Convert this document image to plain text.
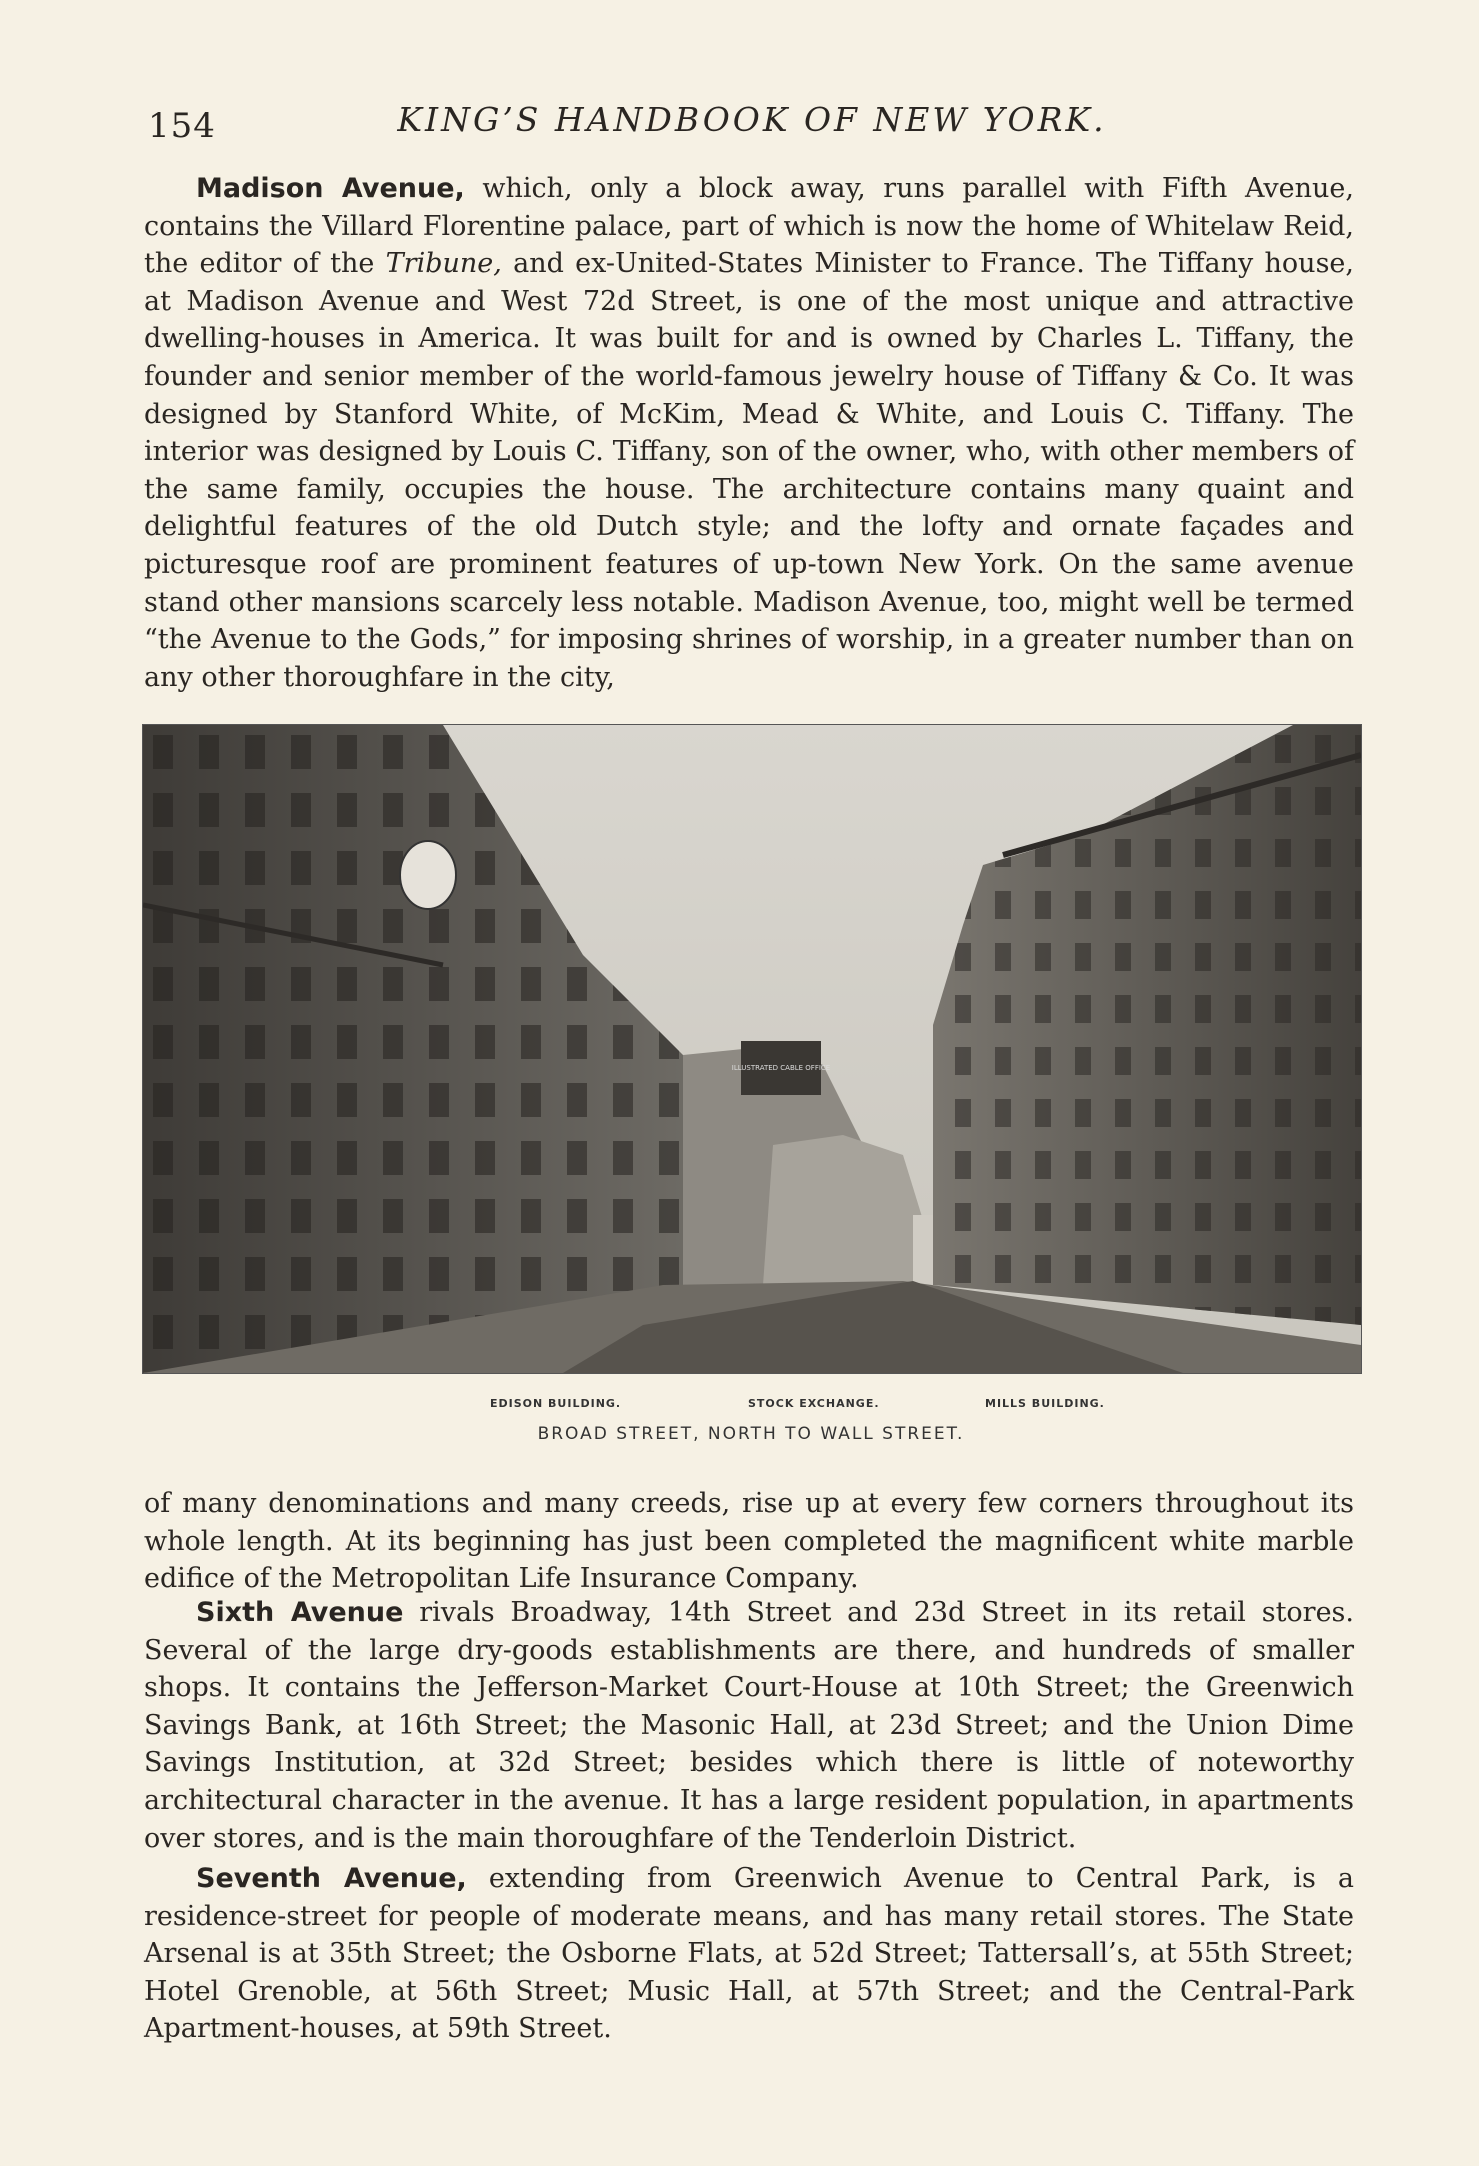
154	KING’S HANDBOOK OF NEW YORK.

Madison Avenue, which, only a block away, runs parallel with Fifth Avenue, contains the Villard Florentine palace, part of which is now the home of Whitelaw Reid, the editor of the Tribune, and ex-United-States Minister to France. The Tiffany house, at Madison Avenue and West 72d Street, is one of the most unique and attractive dwelling-houses in America. It was built for and is owned by Charles L. Tiffany, the founder and senior member of the world-famous jewelry house of Tiffany & Co. It was designed by Stanford White, of McKim, Mead & White, and Louis C. Tiffany. The interior was designed by Louis C. Tiffany, son of the owner, who, with other members of the same family, occupies the house. The architecture contains many quaint and delightful features of the old Dutch style; and the lofty and ornate façades and picturesque roof are prominent features of up-town New York. On the same avenue stand other mansions scarcely less notable. Madison Avenue, too, might well be termed “the Avenue to the Gods,” for imposing shrines of worship, in a greater number than on any other thoroughfare in the city,

ILLUSTRATED CABLE OFFICE
EDISON BUILDING.	STOCK EXCHANGE.	MILLS BUILDING.
BROAD STREET, NORTH TO WALL STREET.

of many denominations and many creeds, rise up at every few corners throughout its whole length. At its beginning has just been completed the magnificent white marble edifice of the Metropolitan Life Insurance Company.

Sixth Avenue rivals Broadway, 14th Street and 23d Street in its retail stores. Several of the large dry-goods establishments are there, and hundreds of smaller shops. It contains the Jefferson-Market Court-House at 10th Street; the Greenwich Savings Bank, at 16th Street; the Masonic Hall, at 23d Street; and the Union Dime Savings Institution, at 32d Street; besides which there is little of noteworthy architectural character in the avenue. It has a large resident population, in apartments over stores, and is the main thoroughfare of the Tenderloin District.

Seventh Avenue, extending from Greenwich Avenue to Central Park, is a residence-street for people of moderate means, and has many retail stores. The State Arsenal is at 35th Street; the Osborne Flats, at 52d Street; Tattersall’s, at 55th Street; Hotel Grenoble, at 56th Street; Music Hall, at 57th Street; and the Central-Park Apartment-houses, at 59th Street.
